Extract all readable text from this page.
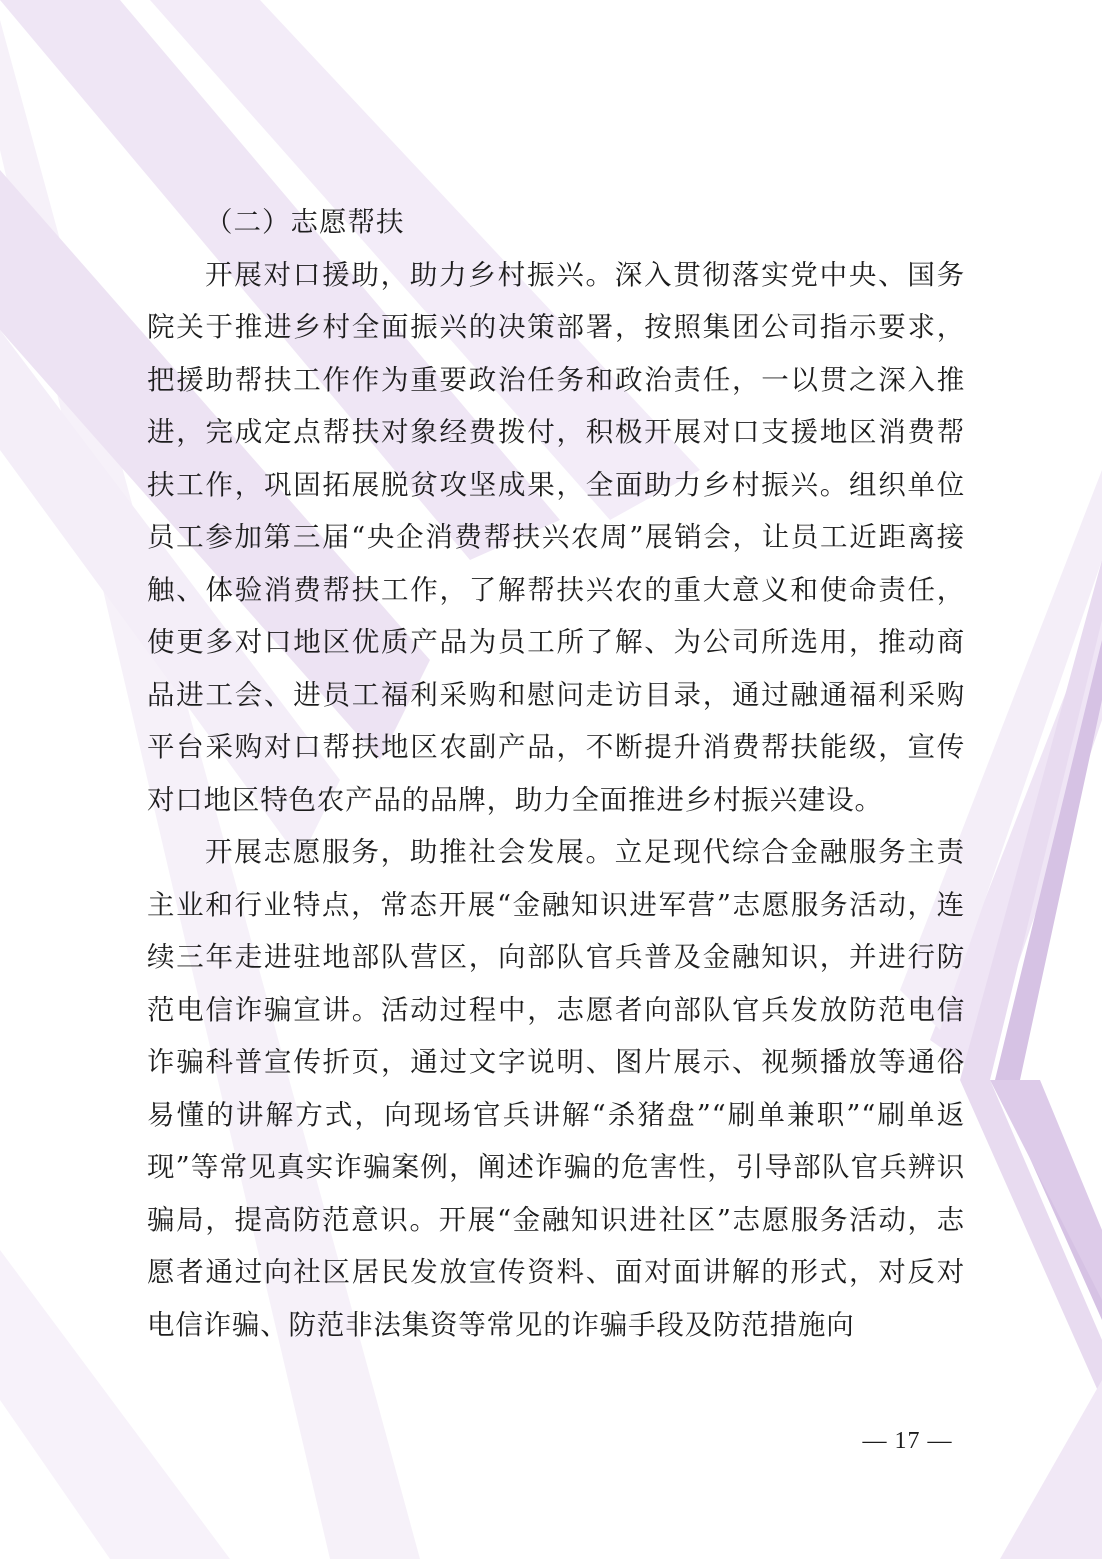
（二）志愿帮扶

开展对口援助，助力乡村振兴。深入贯彻落实党中央、国务院关于推进乡村全面振兴的决策部署，按照集团公司指示要求，把援助帮扶工作作为重要政治任务和政治责任，一以贯之深入推进，完成定点帮扶对象经费拨付，积极开展对口支援地区消费帮扶工作，巩固拓展脱贫攻坚成果，全面助力乡村振兴。组织单位员工参加第三届“央企消费帮扶兴农周”展销会，让员工近距离接触、体验消费帮扶工作，了解帮扶兴农的重大意义和使命责任，使更多对口地区优质产品为员工所了解、为公司所选用，推动商品进工会、进员工福利采购和慰问走访目录，通过融通福利采购平台采购对口帮扶地区农副产品，不断提升消费帮扶能级，宣传对口地区特色农产品的品牌，助力全面推进乡村振兴建设。

开展志愿服务，助推社会发展。立足现代综合金融服务主责主业和行业特点，常态开展“金融知识进军营”志愿服务活动，连续三年走进驻地部队营区，向部队官兵普及金融知识，并进行防范电信诈骗宣讲。活动过程中，志愿者向部队官兵发放防范电信诈骗科普宣传折页，通过文字说明、图片展示、视频播放等通俗易懂的讲解方式，向现场官兵讲解“杀猪盘”“刷单兼职”“刷单返现”等常见真实诈骗案例，阐述诈骗的危害性，引导部队官兵辨识骗局，提高防范意识。开展“金融知识进社区”志愿服务活动，志愿者通过向社区居民发放宣传资料、面对面讲解的形式，对反对电信诈骗、防范非法集资等常见的诈骗手段及防范措施向

— 17 —
